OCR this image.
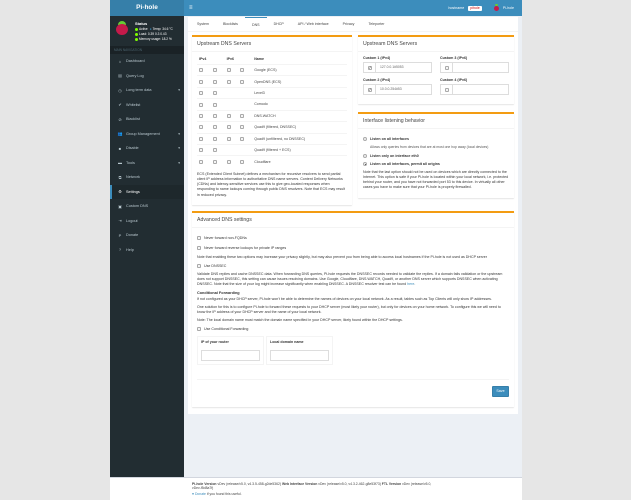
Pi-hole	≡	hostname	pihole	Pi-hole
Status
Active ● Temp: 34.6 °C
Load: 0.39 0.3 0.43
Memory usage: 18.2 %
MAIN NAVIGATION
⌂	Dashboard
▤ Query Log
◷	Long term data	▾
✔	Whitelist
⊘	Blacklist
👥 Group Management	▾
■	Disable	▾
▬ Tools	▾
⧉	Network
⚙	Settings
▣ Custom DNS
⇥	Logout
P	Donate
?	Help
System	Blocklists	DNS	DHCP	API / Web interface	Privacy	Teleporter
Upstream DNS Servers
IPv4		IPv6		Name
				Google (ECS)
				OpenDNS (ECS)
				Level3
				Comodo
				DNS.WATCH
				Quad9 (filtered, DNSSEC)
				Quad9 (unfiltered, no DNSSEC)
				Quad9 (filtered + ECS)
				Cloudflare

ECS (Extended Client Subnet) defines a mechanism for recursive resolvers to send partial client IP address information to authoritative DNS name servers. Content Delivery Networks (CDNs) and latency-sensitive services use this to give geo-located responses when responding to name lookups coming through public DNS resolvers. Note that ECS may result in reduced privacy.

Upstream DNS Servers
Custom 1 (IPv4)
✓
127.0.0.1#5053
Custom 2 (IPv4)
✓
10.0.0.254#53
Custom 3 (IPv6)
Custom 4 (IPv6)
Interface listening behavior
Listen on all interfaces
Allows only queries from devices that are at most one hop away (local devices)
Listen only on interface eth0
Listen on all interfaces, permit all origins

Note that the last option should not be used on devices which are directly connected to the Internet. This option is safe if your Pi-hole is located within your local network, i.e. protected behind your router, and you have not forwarded port 53 to this device. In virtually all other cases you have to make sure that your Pi-hole is properly firewalled.

Advanced DNS settings
Never forward non-FQDNs
Never forward reverse lookups for private IP ranges

Note that enabling these two options may increase your privacy slightly, but may also prevent you from being able to access local hostnames if the Pi-hole is not used as DHCP server

Use DNSSEC

Validate DNS replies and cache DNSSEC data. When forwarding DNS queries, Pi-hole requests the DNSSEC records needed to validate the replies. If a domain fails validation or the upstream does not support DNSSEC, this setting can cause issues resolving domains. Use Google, Cloudflare, DNS.WATCH, Quad9, or another DNS server which supports DNSSEC when activating DNSSEC. Note that the size of your log might increase significantly when enabling DNSSEC. A DNSSEC resolver test can be found here.

Conditional Forwarding

If not configured as your DHCP server, Pi-hole won't be able to determine the names of devices on your local network. As a result, tables such as Top Clients will only show IP addresses.

One solution for this is to configure Pi-hole to forward these requests to your DHCP server (most likely your router), but only for devices on your home network. To configure this we will need to know the IP address of your DHCP server and the name of your local network.

Note: The local domain name must match the domain name specified in your DHCP server, likely found within the DHCP settings.

Use Conditional Forwarding
IP of your router	Local domain name
Save
Pi-hole Version vDev (release/v5.0, v4.3.5-458-g2de5362) Web Interface Version vDev (release/v5.0, v4.3.2-462-g8e53f73) FTL Version vDev (release/v5.0, vDev-f5d8a7f)
♥ Donate if you found this useful.
